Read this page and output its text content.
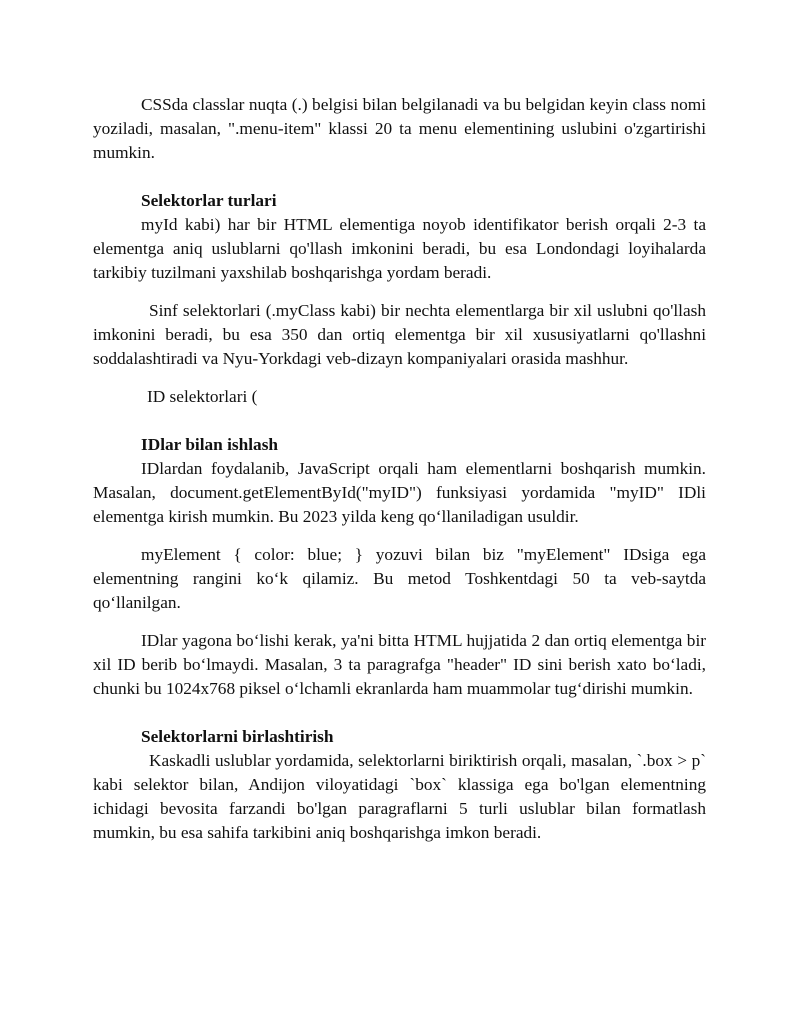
CSSda classlar nuqta (.) belgisi bilan belgilanadi va bu belgidan keyin class nomi yoziladi, masalan, ".menu-item" klassi 20 ta menu elementining uslubini o'zgartirishi mumkin.

Selektorlar turlari

myId kabi) har bir HTML elementiga noyob identifikator berish orqali 2-3 ta elementga aniq uslublarni qo'llash imkonini beradi, bu esa Londondagi loyihalarda tarkibiy tuzilmani yaxshilab boshqarishga yordam beradi.

Sinf selektorlari (.myClass kabi) bir nechta elementlarga bir xil uslubni qo'llash imkonini beradi, bu esa 350 dan ortiq elementga bir xil xususiyatlarni qo'llashni soddalashtiradi va Nyu-Yorkdagi veb-dizayn kompaniyalari orasida mashhur.

ID selektorlari (

IDlar bilan ishlash

IDlardan foydalanib, JavaScript orqali ham elementlarni boshqarish mumkin. Masalan, document.getElementById("myID") funksiyasi yordamida "myID" IDli elementga kirish mumkin. Bu 2023 yilda keng qo‘llaniladigan usuldir.

myElement { color: blue; } yozuvi bilan biz "myElement" IDsiga ega elementning rangini ko‘k qilamiz. Bu metod Toshkentdagi 50 ta veb-saytda qo‘llanilgan.

IDlar yagona bo‘lishi kerak, ya'ni bitta HTML hujjatida 2 dan ortiq elementga bir xil ID berib bo‘lmaydi. Masalan, 3 ta paragrafga "header" ID sini berish xato bo‘ladi, chunki bu 1024x768 piksel o‘lchamli ekranlarda ham muammolar tug‘dirishi mumkin.

Selektorlarni birlashtirish

Kaskadli uslublar yordamida, selektorlarni biriktirish orqali, masalan, `.box > p` kabi selektor bilan, Andijon viloyatidagi `box` klassiga ega bo'lgan elementning ichidagi bevosita farzandi bo'lgan paragraflarni 5 turli uslublar bilan formatlash mumkin, bu esa sahifa tarkibini aniq boshqarishga imkon beradi.
